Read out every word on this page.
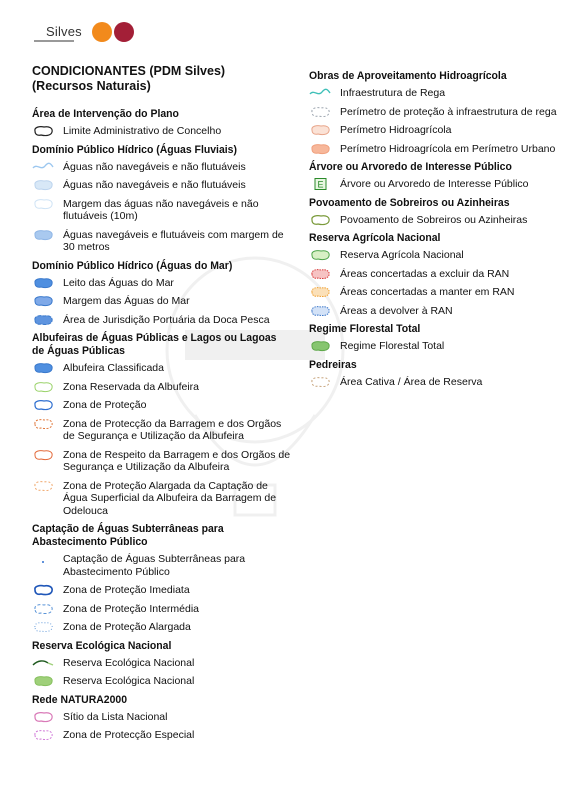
Silves
CONDICIONANTES (PDM Silves)
(Recursos Naturais)
Área de Intervenção do Plano
Limite Administrativo de Concelho
Domínio Público Hídrico (Águas Fluviais)
Águas não navegáveis e não flutuáveis
Águas não navegáveis e não flutuáveis
Margem das águas não navegáveis e não flutuáveis (10m)
Águas navegáveis e flutuáveis com margem de 30 metros
Domínio Público Hídrico (Águas do Mar)
Leito das Águas do Mar
Margem das Águas do Mar
Área de Jurisdição Portuária da Doca Pesca
Albufeiras de Águas Públicas e Lagos ou Lagoas de Águas Públicas
Albufeira Classificada
Zona Reservada da Albufeira
Zona de Proteção
Zona de Protecção da Barragem e dos Orgãos de Segurança e Utilização da Albufeira
Zona de Respeito da Barragem e dos Orgãos de Segurança e Utilização da Albufeira
Zona de Proteção Alargada da Captação de Água Superficial da Albufeira da Barragem de Odelouca
Captação de Águas Subterrâneas para Abastecimento Público
Captação de Águas Subterrâneas para Abastecimento Público
Zona de Proteção Imediata
Zona de Proteção Intermédia
Zona de Proteção Alargada
Reserva Ecológica Nacional
Reserva Ecológica Nacional
Reserva Ecológica Nacional
Rede NATURA2000
Sítio da Lista Nacional
Zona de Protecção Especial
Obras de Aproveitamento Hidroagrícola
Infraestrutura de Rega
Perímetro de proteção à infraestrutura de rega
Perímetro Hidroagrícola
Perímetro Hidroagrícola em Perímetro Urbano
Árvore ou Arvoredo de Interesse Público
E Árvore ou Arvoredo de Interesse Público
Povoamento de Sobreiros ou Azinheiras
Povoamento de Sobreiros ou Azinheiras
Reserva Agrícola Nacional
Reserva Agrícola Nacional
Áreas concertadas a excluir da RAN
Áreas concertadas a manter em RAN
Áreas a devolver à RAN
Regime Florestal Total
Regime Florestal Total
Pedreiras
Área Cativa / Área de Reserva
